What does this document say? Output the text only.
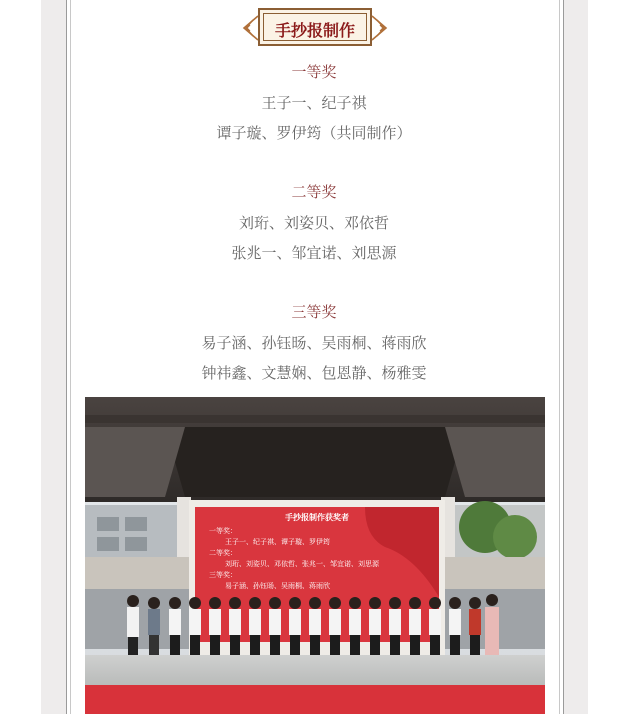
手抄报制作
一等奖
王子一、纪子祺
谭子璇、罗伊筠（共同制作）
二等奖
刘珩、刘姿贝、邓依哲
张兆一、邹宜诺、刘思源
三等奖
易子涵、孙钰旸、吴雨桐、蒋雨欣
钟祎鑫、文慧娴、包恩静、杨雅雯
手抄报制作获奖者
一等奖：
王子一、纪子祺、谭子璇、罗伊筠
二等奖：
刘珩、刘姿贝、邓依哲、张兆一、邹宜诺、刘思源
三等奖：
易子涵、孙钰旸、吴雨桐、蒋雨欣
